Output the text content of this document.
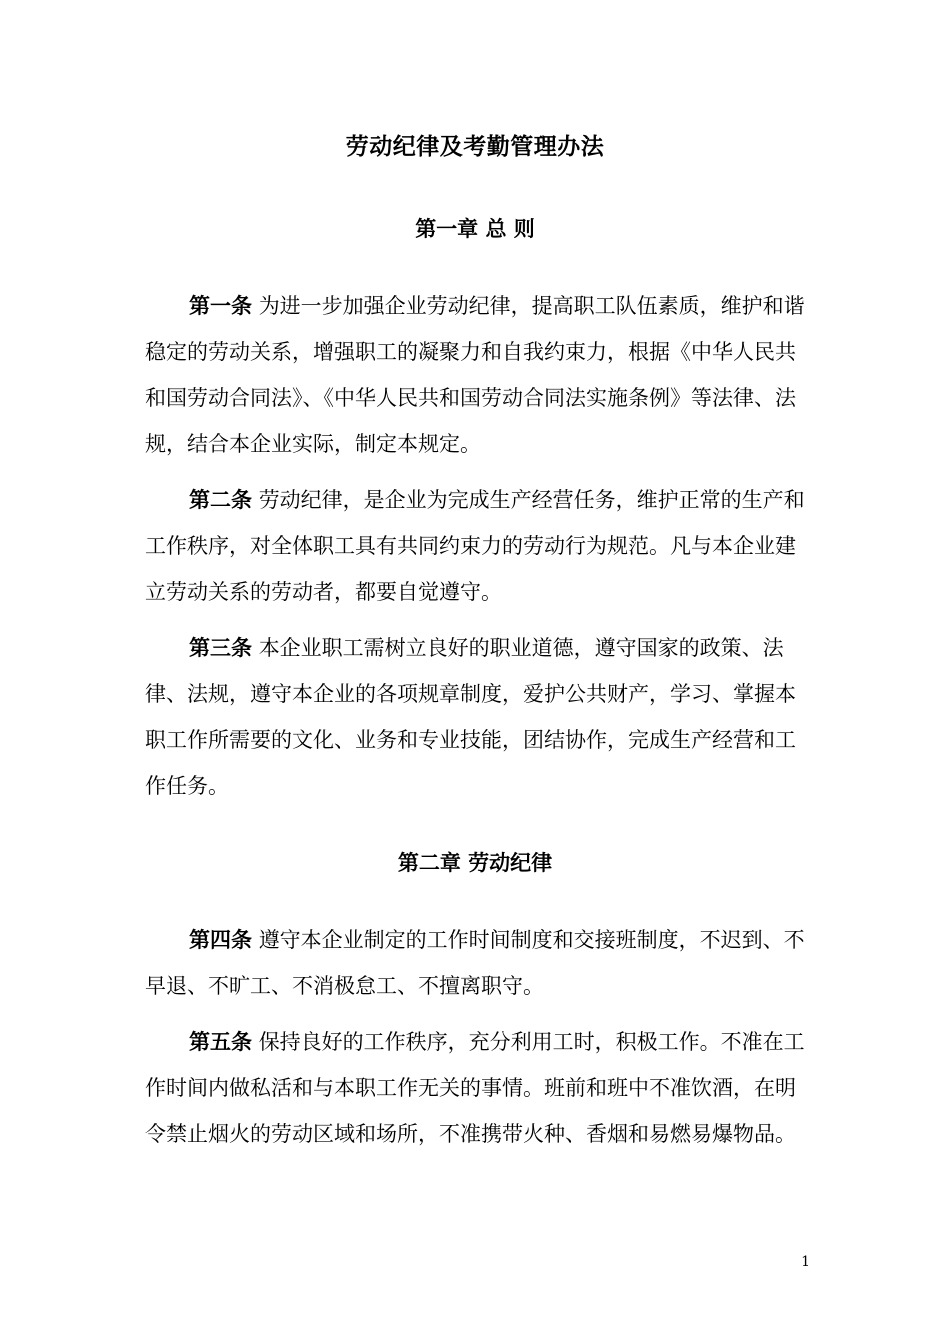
劳动纪律及考勤管理办法
第一章 总 则

第一条 为进一步加强企业劳动纪律，提高职工队伍素质，维护和谐稳定的劳动关系，增强职工的凝聚力和自我约束力，根据《中华人民共和国劳动合同法》、《中华人民共和国劳动合同法实施条例》等法律、法规，结合本企业实际，制定本规定。

第二条 劳动纪律，是企业为完成生产经营任务，维护正常的生产和工作秩序，对全体职工具有共同约束力的劳动行为规范。凡与本企业建立劳动关系的劳动者，都要自觉遵守。

第三条 本企业职工需树立良好的职业道德，遵守国家的政策、法律、法规，遵守本企业的各项规章制度，爱护公共财产，学习、掌握本职工作所需要的文化、业务和专业技能，团结协作，完成生产经营和工作任务。

第二章 劳动纪律

第四条 遵守本企业制定的工作时间制度和交接班制度，不迟到、不早退、不旷工、不消极怠工、不擅离职守。

第五条 保持良好的工作秩序，充分利用工时，积极工作。不准在工作时间内做私活和与本职工作无关的事情。班前和班中不准饮酒，在明令禁止烟火的劳动区域和场所，不准携带火种、香烟和易燃易爆物品。

1
